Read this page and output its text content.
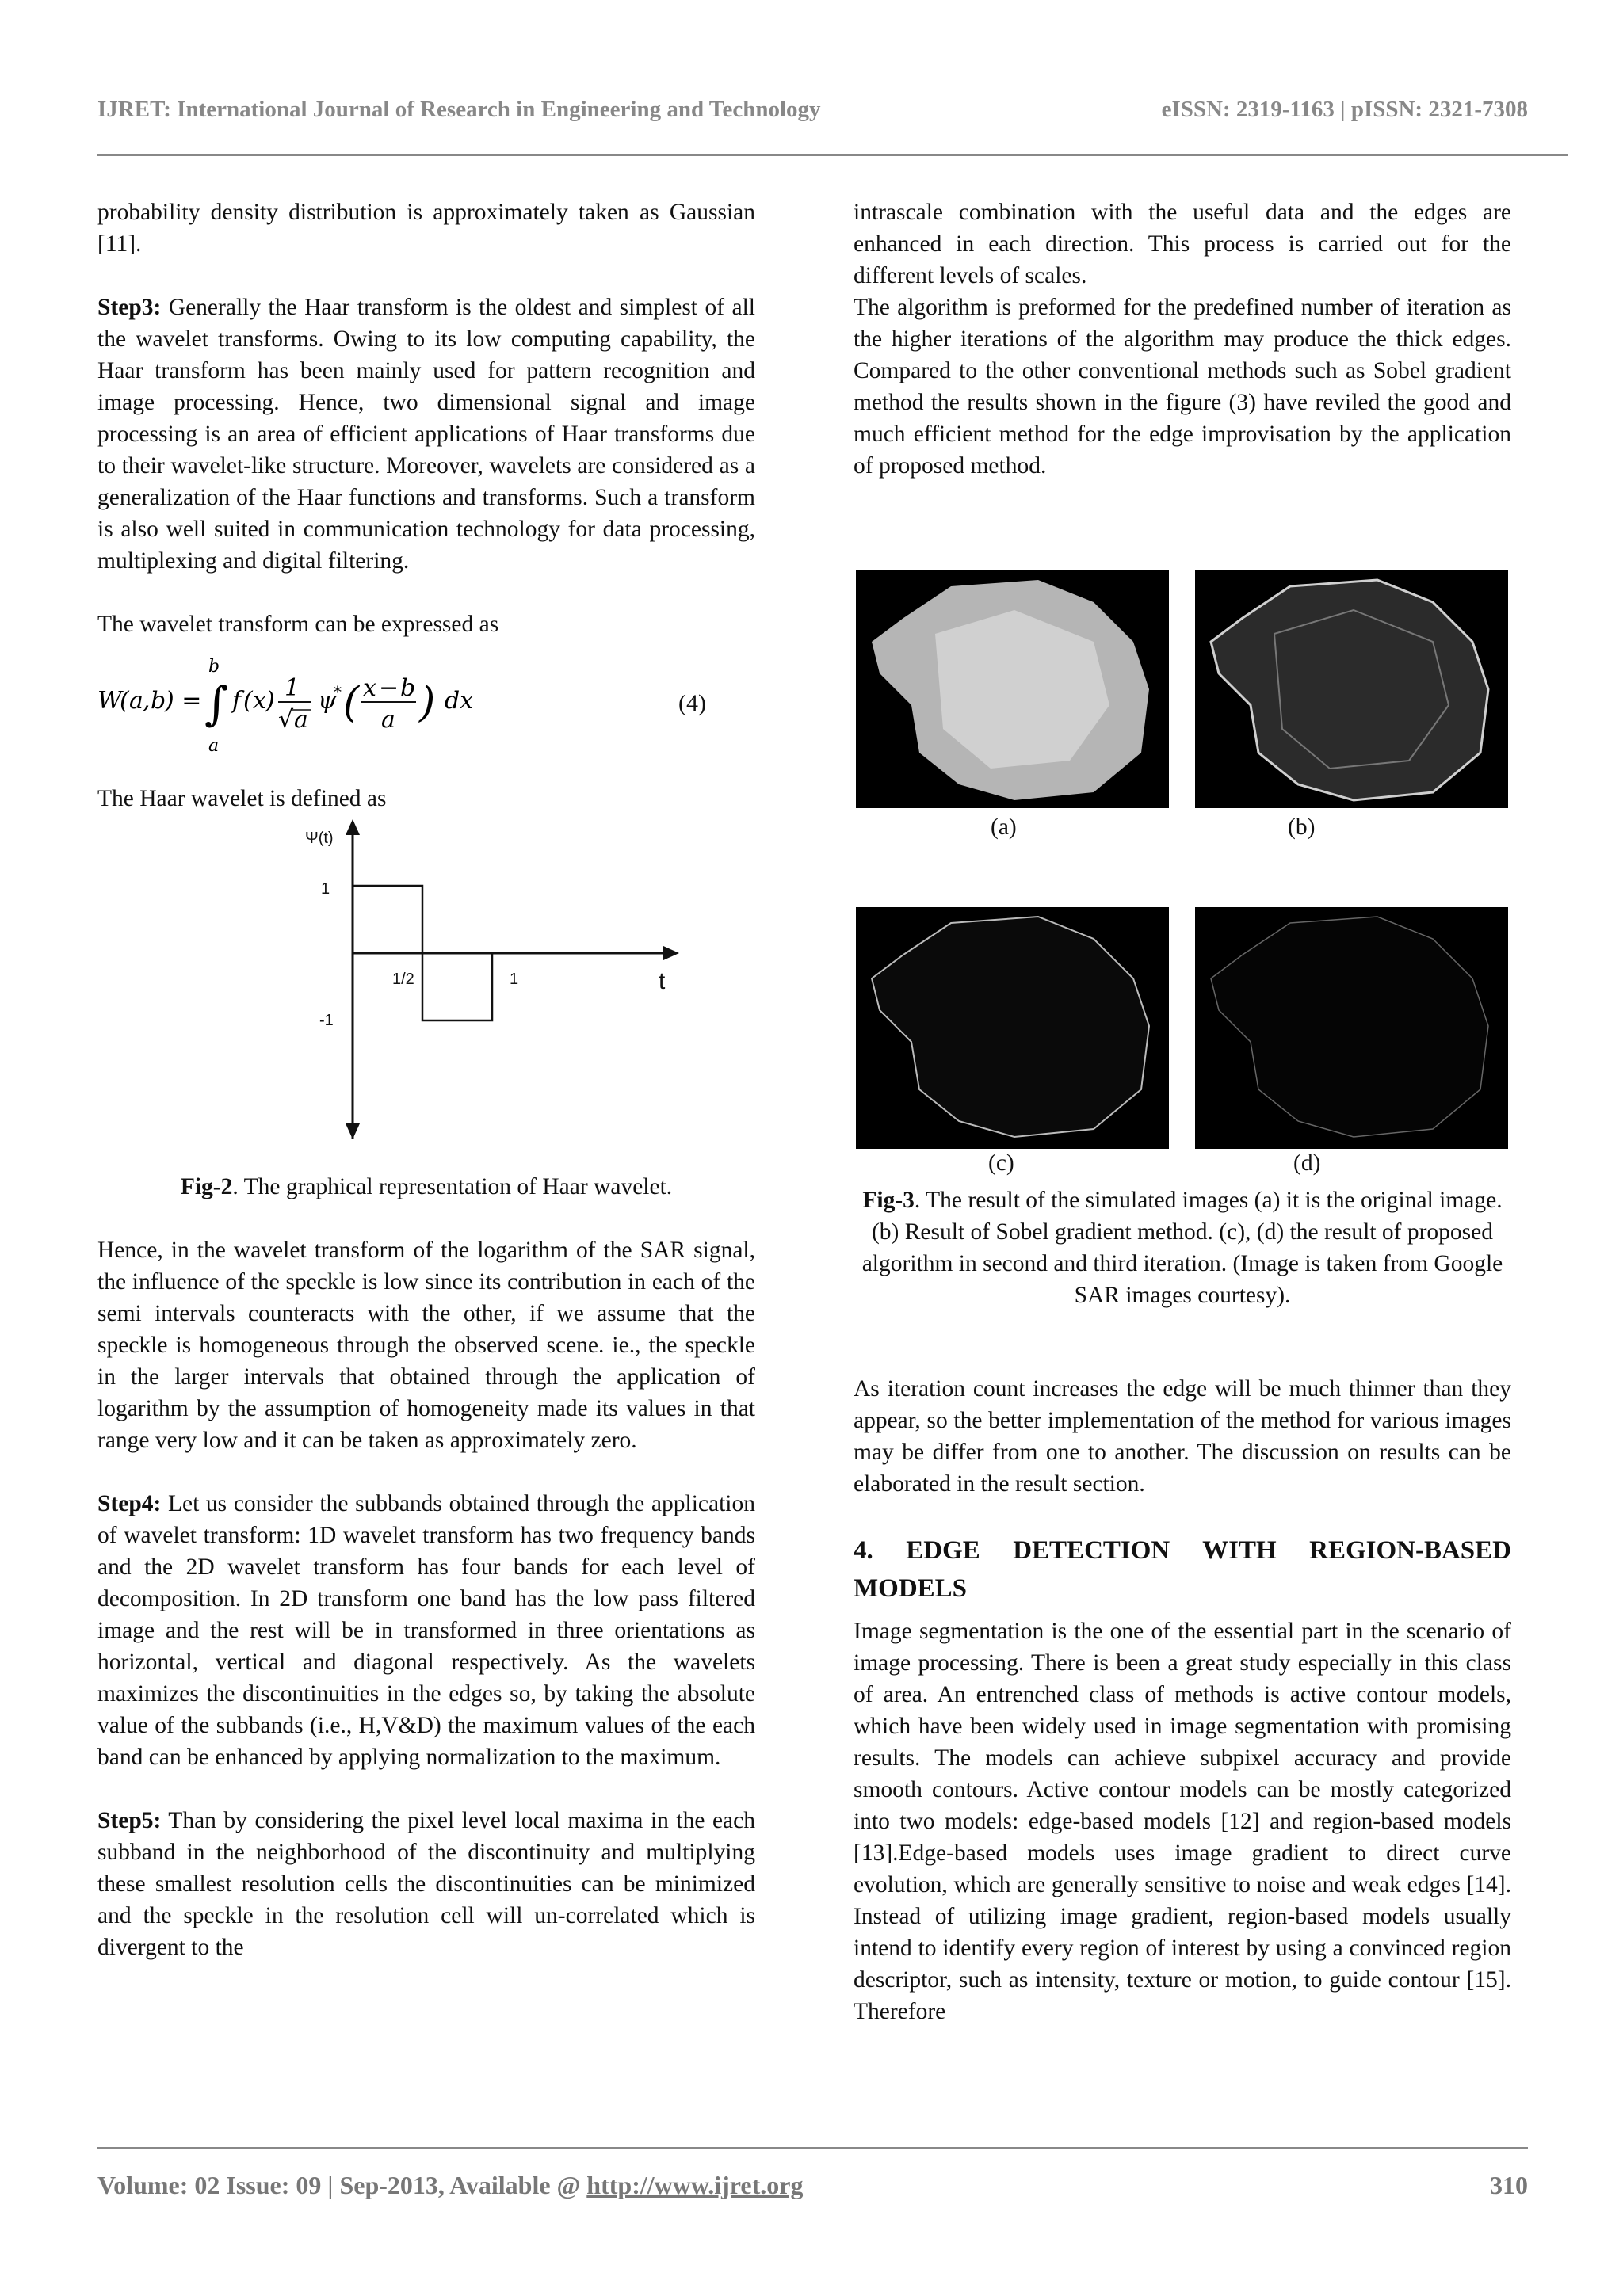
IJRET: International Journal of Research in Engineering and Technology	eISSN: 2319-1163 | pISSN: 2321-7308

probability density distribution is approximately taken as Gaussian [11].

Step3: Generally the Haar transform is the oldest and simplest of all the wavelet transforms. Owing to its low computing capability, the Haar transform has been mainly used for pattern recognition and image processing. Hence, two dimensional signal and image processing is an area of efficient applications of Haar transforms due to their wavelet-like structure. Moreover, wavelets are considered as a generalization of the Haar functions and transforms. Such a transform is also well suited in communication technology for data processing, multiplexing and digital filtering.

The wavelet transform can be expressed as

W
( a , b
) = ∫
b
a
f ( x ) 1
√ a
ψ
* ( x − b
a ) dx	(4)

The Haar wavelet is defined as

Ψ(t)
1
-1
1/2	1	t

Fig-2. The graphical representation of Haar wavelet.

Hence, in the wavelet transform of the logarithm of the SAR signal, the influence of the speckle is low since its contribution in each of the semi intervals counteracts with the other, if we assume that the speckle is homogeneous through the observed scene. ie., the speckle in the larger intervals that obtained through the application of logarithm by the assumption of homogeneity made its values in that range very low and it can be taken as approximately zero.

Step4: Let us consider the subbands obtained through the application of wavelet transform: 1D wavelet transform has two frequency bands and the 2D wavelet transform has four bands for each level of decomposition. In 2D transform one band has the low pass filtered image and the rest will be in transformed in three orientations as horizontal, vertical and diagonal respectively. As the wavelets maximizes the discontinuities in the edges so, by taking the absolute value of the subbands (i.e., H,V&D) the maximum values of the each band can be enhanced by applying normalization to the maximum.

Step5: Than by considering the pixel level local maxima in the each subband in the neighborhood of the discontinuity and multiplying these smallest resolution cells the discontinuities can be minimized and the speckle in the resolution cell will un-correlated which is divergent to the

intrascale combination with the useful data and the edges are enhanced in each direction. This process is carried out for the different levels of scales.

The algorithm is preformed for the predefined number of iteration as the higher iterations of the algorithm may produce the thick edges. Compared to the other conventional methods such as Sobel gradient method the results shown in the figure (3) have reviled the good and much efficient method for the edge improvisation by the application of proposed method.

(a)	(b)
(c)	(d)
Fig-3. The result of the simulated images (a) it is the original image. (b) Result of Sobel gradient method. (c), (d) the result of proposed algorithm in second and third iteration. (Image is taken from Google SAR images courtesy).

As iteration count increases the edge will be much thinner than they appear, so the better implementation of the method for various images may be differ from one to another. The discussion on results can be elaborated in the result section.

4. EDGE DETECTION WITH REGION-BASED MODELS

Image segmentation is the one of the essential part in the scenario of image processing. There is been a great study especially in this class of area. An entrenched class of methods is active contour models, which have been widely used in image segmentation with promising results. The models can achieve subpixel accuracy and provide smooth contours. Active contour models can be mostly categorized into two models: edge-based models [12] and region-based models [13].Edge-based models uses image gradient to direct curve evolution, which are generally sensitive to noise and weak edges [14]. Instead of utilizing image gradient, region-based models usually intend to identify every region of interest by using a convinced region descriptor, such as intensity, texture or motion, to guide contour [15]. Therefore

Volume: 02 Issue: 09 | Sep-2013, Available @ http://www.ijret.org	310
